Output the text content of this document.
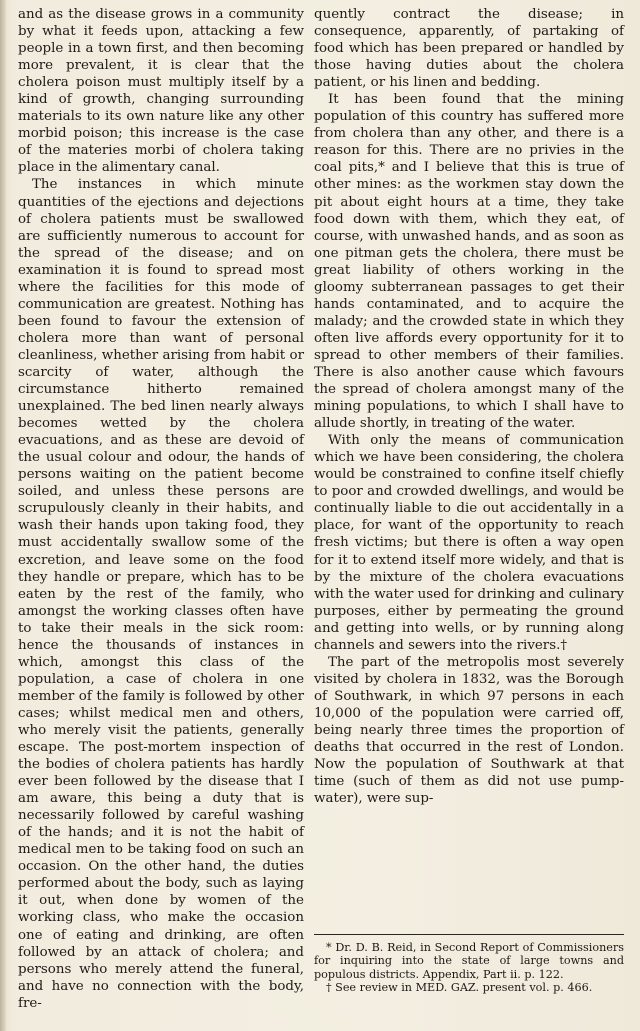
and as the disease grows in a community by what it feeds upon, attacking a few people in a town first, and then becoming more prevalent, it is clear that the cholera poison must multiply itself by a kind of growth, changing surrounding materials to its own nature like any other morbid poison; this increase is the case of the materies morbi of cholera taking place in the alimentary canal.

The instances in which minute quantities of the ejections and dejections of cholera patients must be swallowed are sufficiently numerous to account for the spread of the disease; and on examination it is found to spread most where the facilities for this mode of communication are greatest. Nothing has been found to favour the extension of cholera more than want of personal cleanliness, whether arising from habit or scarcity of water, although the circumstance hitherto remained unexplained. The bed linen nearly always becomes wetted by the cholera evacuations, and as these are devoid of the usual colour and odour, the hands of persons waiting on the patient become soiled, and unless these persons are scrupulously cleanly in their habits, and wash their hands upon taking food, they must accidentally swallow some of the excretion, and leave some on the food they handle or prepare, which has to be eaten by the rest of the family, who amongst the working classes often have to take their meals in the sick room: hence the thousands of instances in which, amongst this class of the population, a case of cholera in one member of the family is followed by other cases; whilst medical men and others, who merely visit the patients, generally escape. The post-mortem inspection of the bodies of cholera patients has hardly ever been followed by the disease that I am aware, this being a duty that is necessarily followed by careful washing of the hands; and it is not the habit of medical men to be taking food on such an occasion. On the other hand, the duties performed about the body, such as laying it out, when done by women of the working class, who make the occasion one of eating and drinking, are often followed by an attack of cholera; and persons who merely attend the funeral, and have no connection with the body, fre-

quently contract the disease; in consequence, apparently, of partaking of food which has been prepared or handled by those having duties about the cholera patient, or his linen and bedding.

It has been found that the mining population of this country has suffered more from cholera than any other, and there is a reason for this. There are no privies in the coal pits,* and I believe that this is true of other mines: as the workmen stay down the pit about eight hours at a time, they take food down with them, which they eat, of course, with unwashed hands, and as soon as one pitman gets the cholera, there must be great liability of others working in the gloomy subterranean passages to get their hands contaminated, and to acquire the malady; and the crowded state in which they often live affords every opportunity for it to spread to other members of their families. There is also another cause which favours the spread of cholera amongst many of the mining populations, to which I shall have to allude shortly, in treating of the water.

With only the means of communication which we have been considering, the cholera would be constrained to confine itself chiefly to poor and crowded dwellings, and would be continually liable to die out accidentally in a place, for want of the opportunity to reach fresh victims; but there is often a way open for it to extend itself more widely, and that is by the mixture of the cholera evacuations with the water used for drinking and culinary purposes, either by permeating the ground and getting into wells, or by running along channels and sewers into the rivers.†

The part of the metropolis most severely visited by cholera in 1832, was the Borough of Southwark, in which 97 persons in each 10,000 of the population were carried off, being nearly three times the proportion of deaths that occurred in the rest of London. Now the population of Southwark at that time (such of them as did not use pump-water), were sup-

* Dr. D. B. Reid, in Second Report of Commissioners for inquiring into the state of large towns and populous districts. Appendix, Part ii. p. 122.

† See review in MED. GAZ. present vol. p. 466.
